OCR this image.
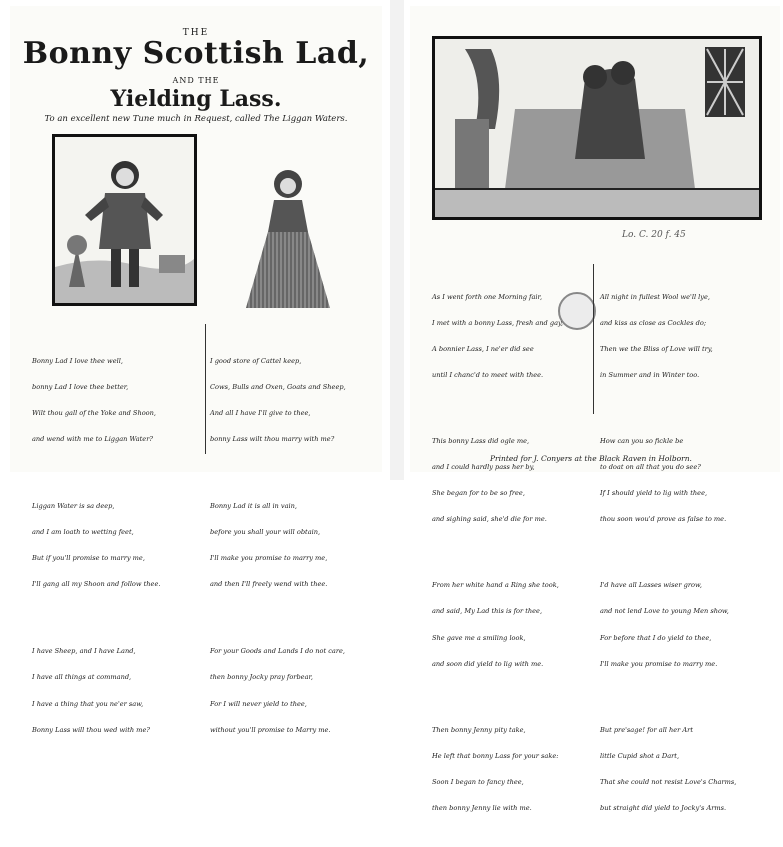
THE
Bonny Scottish Lad,
AND THE
Yielding Lass.
To an excellent new Tune much in Request, called The Liggan Waters.

Bonny Lad I love thee well,

bonny Lad I love thee better,

Wilt thou gall of the Yoke and Shoon,

and wend with me to Liggan Water?

Liggan Water is sa deep,

and I am loath to wetting feet,

But if you'll promise to marry me,

I'll gang all my Shoon and follow thee.

I have Sheep, and I have Land,

I have all things at command,

I have a thing that you ne'er saw,

Bonny Lass will thou wed with me?

I good store of Cattel keep,

Cows, Bulls and Oxen, Goats and Sheep,

And all I have I'll give to thee,

bonny Lass wilt thou marry with me?

Bonny Lad it is all in vain,

before you shall your will obtain,

I'll make you promise to marry me,

and then I'll freely wend with thee.

For your Goods and Lands I do not care,

then bonny Jocky pray forbear,

For I will never yield to thee,

without you'll promise to Marry me.

Lo. C. 20 f. 45

As I went forth one Morning fair,

I met with a bonny Lass, fresh and gay,

A bonnier Lass, I ne'er did see

until I chanc'd to meet with thee.

This bonny Lass did ogle me,

and I could hardly pass her by,

She began for to be so free,

and sighing said, she'd die for me.

From her white hand a Ring she took,

and said, My Lad this is for thee,

She gave me a smiling look,

and soon did yield to lig with me.

Then bonny Jenny pity take,

He left that bonny Lass for your sake:

Soon I began to fancy thee,

then bonny Jenny lie with me.

All night in fullest Wool we'll lye,

and kiss as close as Cockles do;

Then we the Bliss of Love will try,

in Summer and in Winter too.

How can you so fickle be

to doat on all that you do see?

If I should yield to lig with thee,

thou soon wou'd prove as false to me.

I'd have all Lasses wiser grow,

and not lend Love to young Men show,

For before that I do yield to thee,

I'll make you promise to marry me.

But pre'sage! for all her Art

little Cupid shot a Dart,

That she could not resist Love's Charms,

but straight did yield to Jocky's Arms.

Printed for J. Conyers at the Black Raven in Holborn.
